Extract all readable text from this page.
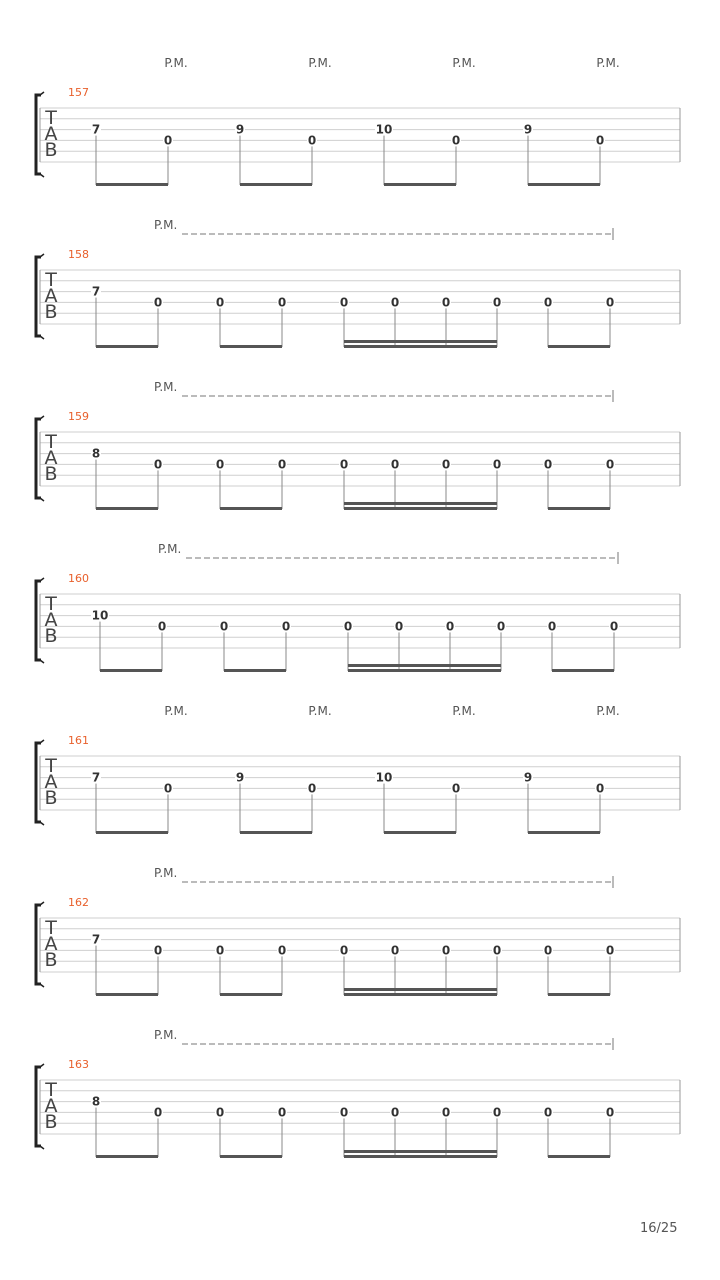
T
A
B
157
P.M.	P.M.	P.M.	P.M.
7
0
9
0
10
0
9
0
T
A
B
158
P.M.
7
0	0	0	0	0	0	0	0	0
T
A
B
159
P.M.
8
0	0	0	0	0	0	0	0	0
T
A
B
160
P.M.
10
0	0	0	0	0	0	0	0	0
T
A
B
161
P.M.	P.M.	P.M.	P.M.
7
0
9
0
10
0
9
0
T
A
B
162
P.M.
7
0	0	0	0	0	0	0	0	0
T
A
B
163
P.M.
8
0	0	0	0	0	0	0	0	0
16/25
